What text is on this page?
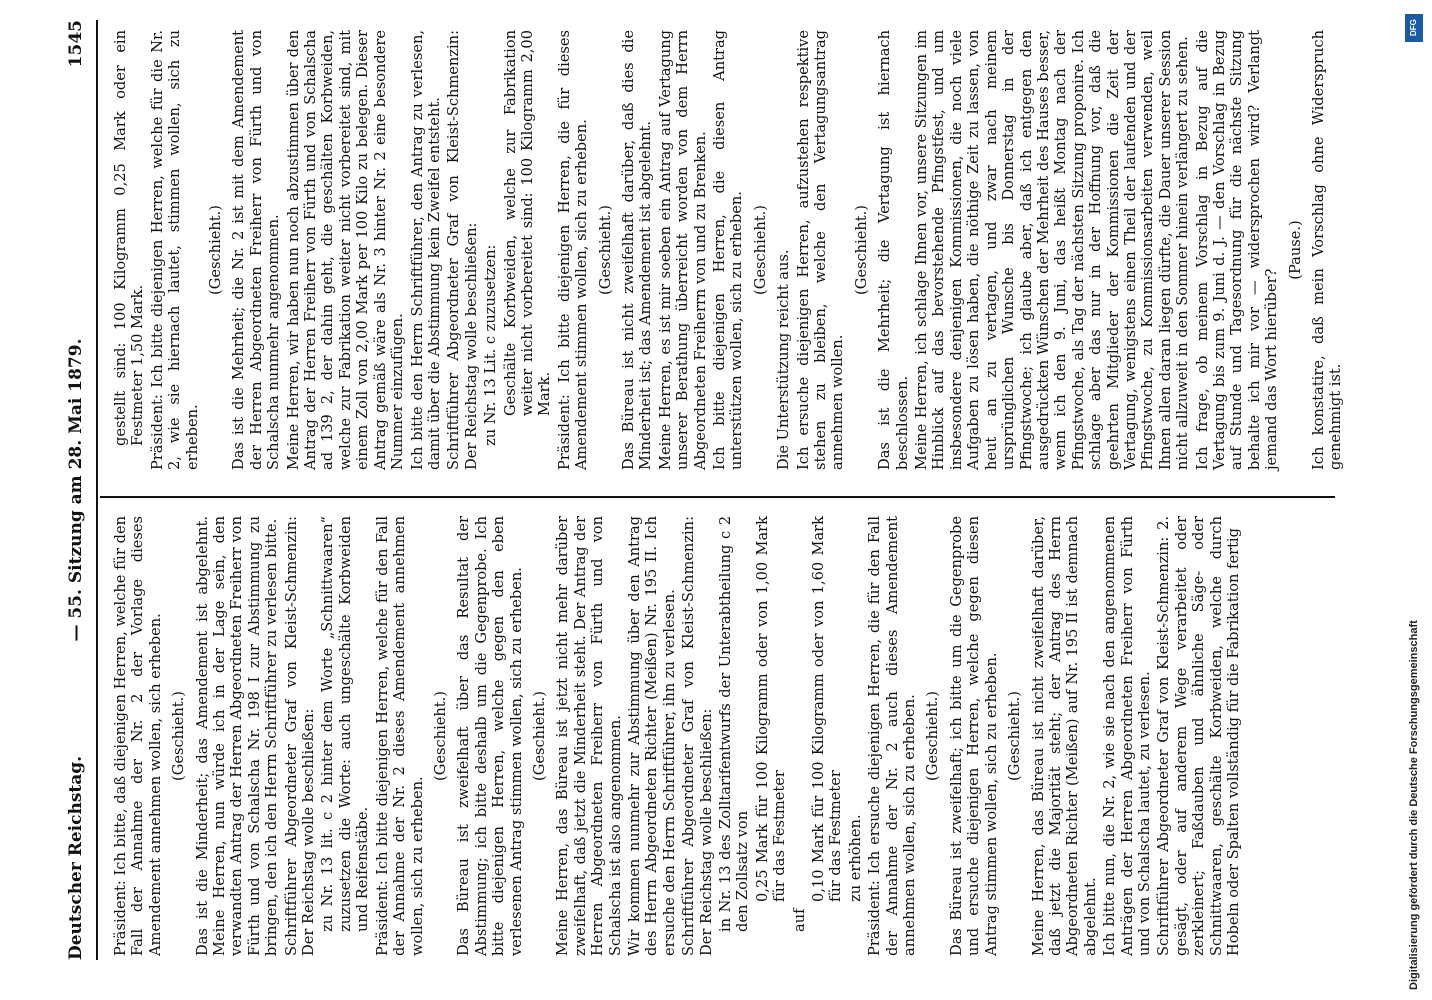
Deutscher Reichstag.
— 55. Sitzung am 28. Mai 1879.
1545

Präsident: Ich bitte, daß diejenigen Herren, welche für den Fall der Annahme der Nr. 2 der Vorlage dieses Amendement annehmen wollen, sich erheben. (Geschieht.) Das ist die Minderheit; das Amendement ist abgelehnt. Meine Herren, nun würde ich in der Lage sein, den verwandten Antrag der Herren Abgeordneten Freiherr von Fürth und von Schalscha Nr. 198 I zur Abstimmung zu bringen, den ich den Herrn Schriftführer zu verlesen bitte. Schriftführer Abgeordneter Graf von Kleist-Schmenzin: Der Reichstag wolle beschließen: zu Nr. 13 lit. c 2 hinter dem Worte „Schnittwaaren“ zuzusetzen die Worte: auch ungeschälte Korbweiden und Reifenstäbe. Präsident: Ich bitte diejenigen Herren, welche für den Fall der Annahme der Nr. 2 dieses Amendement annehmen wollen, sich zu erheben.

(Geschieht.) Das Büreau ist zweifelhaft über das Resultat der Abstimmung; ich bitte deshalb um die Gegenprobe. Ich bitte diejenigen Herren, welche gegen den eben verlesenen Antrag stimmen wollen, sich zu erheben. (Geschieht.) Meine Herren, das Büreau ist jetzt nicht mehr darüber zweifelhaft, daß jetzt die Minderheit steht. Der Antrag der Herren Abgeordneten Freiherr von Fürth und von Schalscha ist also angenommen. Wir kommen nunmehr zur Abstimmung über den Antrag des Herrn Abgeordneten Richter (Meißen) Nr. 195 II. Ich ersuche den Herrn Schriftführer, ihn zu verlesen. Schriftführer Abgeordneter Graf von Kleist-Schmenzin: Der Reichstag wolle beschließen: in Nr. 13 des Zolltarifentwurfs der Unterabtheilung c 2 den Zollsatz von 0,25 Mark für 100 Kilogramm oder von 1,00 Mark für das Festmeter

auf

0,10 Mark für 100 Kilogramm oder von 1,60 Mark für das Festmeter zu erhöhen. Präsident: Ich ersuche diejenigen Herren, die für den Fall der Annahme der Nr. 2 auch dieses Amendement annehmen wollen, sich zu erheben. (Geschieht.) Das Büreau ist zweifelhaft; ich bitte um die Gegenprobe und ersuche diejenigen Herren, welche gegen diesen Antrag stimmen wollen, sich zu erheben. (Geschieht.) Meine Herren, das Büreau ist nicht zweifelhaft darüber, daß jetzt die Majorität steht; der Antrag des Herrn Abgeordneten Richter (Meißen) auf Nr. 195 II ist demnach abgelehnt. Ich bitte nun, die Nr. 2, wie sie nach den angenommenen Anträgen der Herren Abgeordneten Freiherr von Fürth und von Schalscha lautet, zu verlesen. Schriftführer Abgeordneter Graf von Kleist-Schmenzin: 2. gesägt, oder auf anderem Wege verarbeitet oder zerkleinert; Faßdauben und ähnliche Säge- oder Schnittwaaren, geschälte Korbweiden, welche durch Hobeln oder Spalten vollständig für die Fabrikation fertig

gestellt sind: 100 Kilogramm 0,25 Mark oder ein Festmeter 1,50 Mark. Präsident: Ich bitte diejenigen Herren, welche für die Nr. 2, wie sie hiernach lautet, stimmen wollen, sich zu erheben.

(Geschieht.) Das ist die Mehrheit; die Nr. 2 ist mit dem Amendement der Herren Abgeordneten Freiherr von Fürth und von Schalscha nunmehr angenommen. Meine Herren, wir haben nun noch abzustimmen über den Antrag der Herren Freiherr von Fürth und von Schalscha ad 139 2, der dahin geht, die geschälten Korbweiden, welche zur Fabrikation weiter nicht vorbereitet sind, mit einem Zoll von 2,00 Mark per 100 Kilo zu belegen. Dieser Antrag gemäß wäre als Nr. 3 hinter Nr. 2 eine besondere Nummer einzufügen. Ich bitte den Herrn Schriftführer, den Antrag zu verlesen, damit über die Abstimmung kein Zweifel entsteht. Schriftführer Abgeordneter Graf von Kleist-Schmenzin: Der Reichstag wolle beschließen: zu Nr. 13 Lit. c zuzusetzen: Geschälte Korbweiden, welche zur Fabrikation weiter nicht vorbereitet sind: 100 Kilogramm 2,00 Mark. Präsident: Ich bitte diejenigen Herren, die für dieses Amendement stimmen wollen, sich zu erheben. (Geschieht.) Das Büreau ist nicht zweifelhaft darüber, daß dies die Minderheit ist; das Amendement ist abgelehnt. Meine Herren, es ist mir soeben ein Antrag auf Vertagung unserer Berathung überreicht worden von dem Herrn Abgeordneten Freiherrn von und zu Brenken. Ich bitte diejenigen Herren, die diesen Antrag unterstützen wollen, sich zu erheben. (Geschieht.) Die Unterstützung reicht aus. Ich ersuche diejenigen Herren, aufzustehen respektive stehen zu bleiben, welche den Vertagungsantrag annehmen wollen.

(Geschieht.) Das ist die Mehrheit; die Vertagung ist hiernach beschlossen. Meine Herren, ich schlage Ihnen vor, unsere Sitzungen im Hinblick auf das bevorstehende Pfingstfest, und um insbesondere denjenigen Kommissionen, die noch viele Aufgaben zu lösen haben, die nöthige Zeit zu lassen, von heut an zu vertagen, und zwar nach meinem ursprünglichen Wunsche bis Donnerstag in der Pfingstwoche; ich glaube aber, daß ich entgegen den ausgedrückten Wünschen der Mehrheit des Hauses besser, wenn ich den 9. Juni, das heißt Montag nach der Pfingstwoche, als Tag der nächsten Sitzung proponire. Ich schlage aber das nur in der Hoffnung vor, daß die geehrten Mitglieder der Kommissionen die Zeit der Vertagung, wenigstens einen Theil der laufenden und der Pfingstwoche, zu Kommissionsarbeiten verwenden, weil Ihnen allen daran liegen dürfte, die Dauer unserer Session nicht allzuweit in den Sommer hinein verlängert zu sehen. Ich frage, ob meinem Vorschlag in Bezug auf die Vertagung bis zum 9. Juni d. J. — den Vorschlag in Bezug auf Stunde und Tagesordnung für die nächste Sitzung behalte ich mir vor — widersprochen wird? Verlangt jemand das Wort hierüber?

(Pause.) Ich konstatire, daß mein Vorschlag ohne Widerspruch genehmigt ist.

DFG
Digitalisierung gefördert durch die Deutsche Forschungsgemeinschaft
